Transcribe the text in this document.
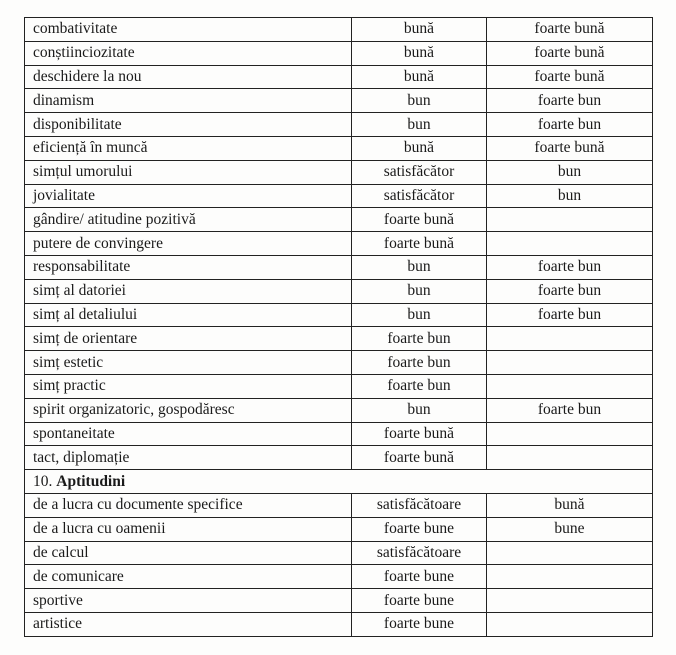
combativitate	bună	foarte bună
conștiinciozitate	bună	foarte bună
deschidere la nou	bună	foarte bună
dinamism	bun	foarte bun
disponibilitate	bun	foarte bun
eficiență în muncă	bună	foarte bună
simțul umorului	satisfăcător	bun
jovialitate	satisfăcător	bun
gândire/ atitudine pozitivă	foarte bună	
putere de convingere	foarte bună	
responsabilitate	bun	foarte bun
simț al datoriei	bun	foarte bun
simț al detaliului	bun	foarte bun
simț de orientare	foarte bun	
simț estetic	foarte bun	
simț practic	foarte bun	
spirit organizatoric, gospodăresc	bun	foarte bun
spontaneitate	foarte bună	
tact, diplomație	foarte bună	
10. Aptitudini		
de a lucra cu documente specifice	satisfăcătoare	bună
de a lucra cu oamenii	foarte bune	bune
de calcul	satisfăcătoare	
de comunicare	foarte bune	
sportive	foarte bune	
artistice	foarte bune	
